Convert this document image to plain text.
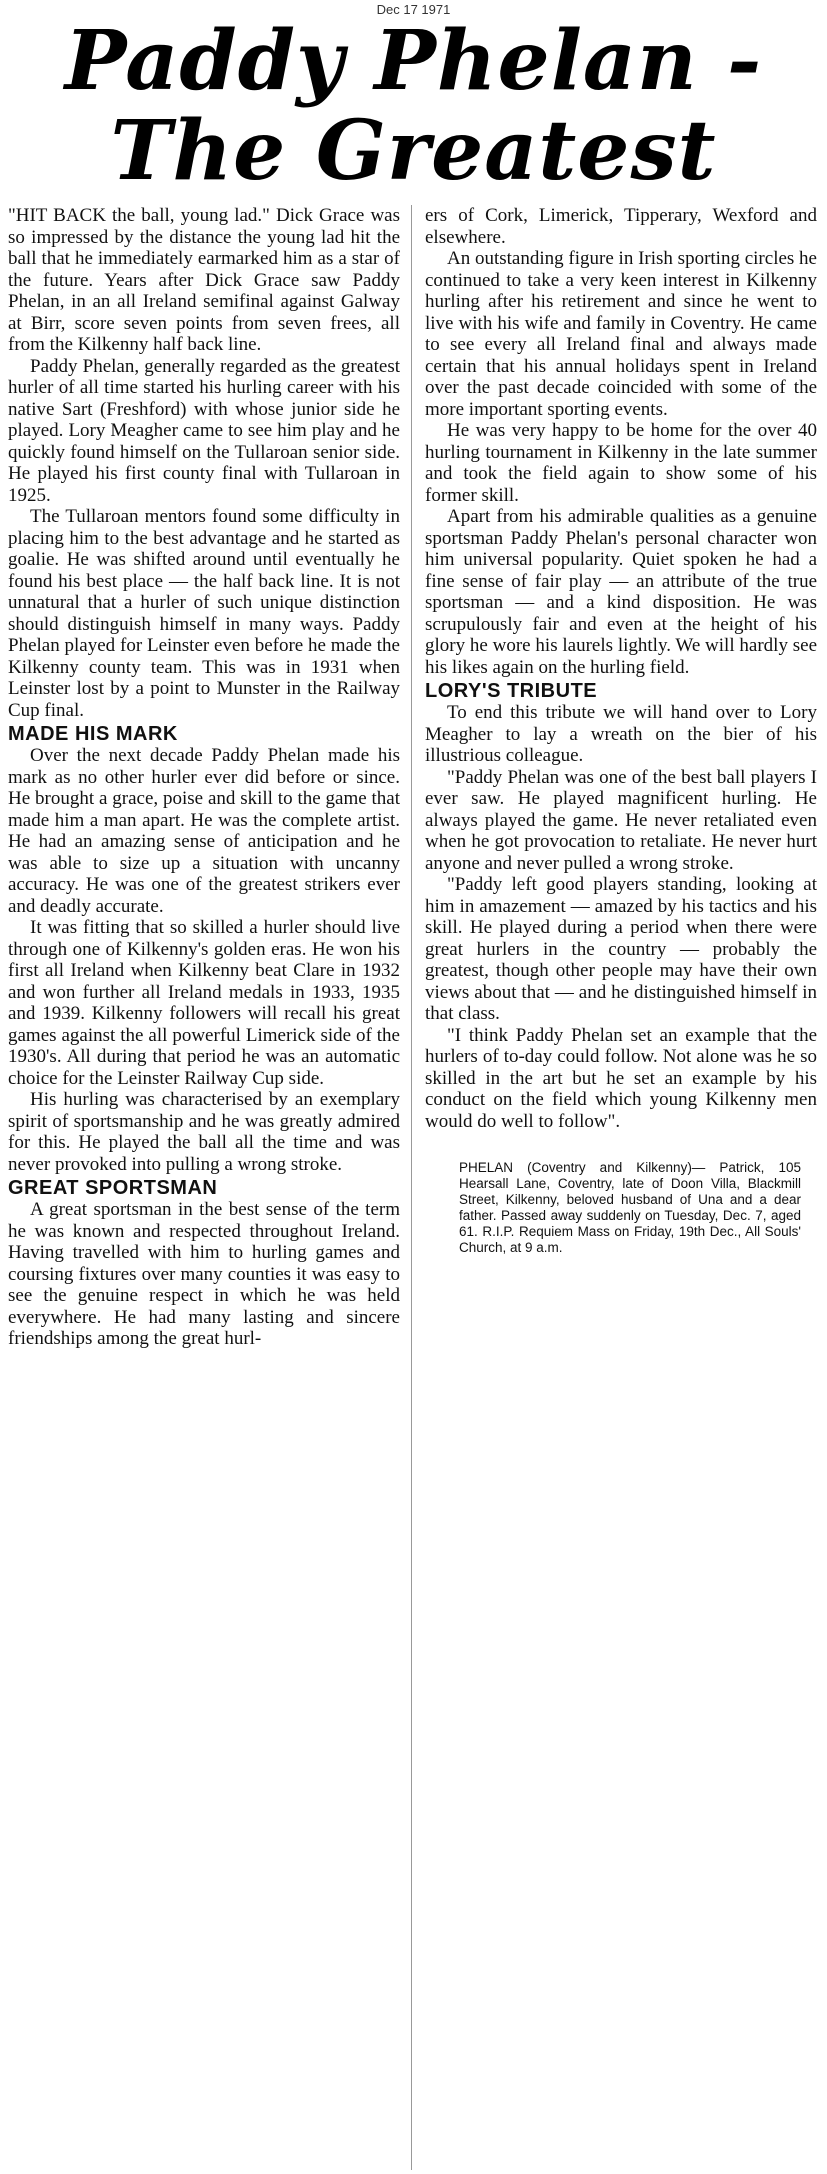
Dec 17 1971
Paddy Phelan -
The Greatest

"HIT BACK the ball, young lad." Dick Grace was so impressed by the distance the young lad hit the ball that he immediately earmarked him as a star of the future. Years after Dick Grace saw Paddy Phelan, in an all Ireland semifinal against Galway at Birr, score seven points from seven frees, all from the Kilkenny half back line.

Paddy Phelan, generally regarded as the greatest hurler of all time started his hurling career with his native Sart (Freshford) with whose junior side he played. Lory Meagher came to see him play and he quickly found himself on the Tullaroan senior side. He played his first county final with Tullaroan in 1925.

The Tullaroan mentors found some difficulty in placing him to the best advantage and he started as goalie. He was shifted around until eventually he found his best place — the half back line. It is not unnatural that a hurler of such unique distinction should distinguish himself in many ways. Paddy Phelan played for Leinster even before he made the Kilkenny county team. This was in 1931 when Leinster lost by a point to Munster in the Railway Cup final.

MADE HIS MARK

Over the next decade Paddy Phelan made his mark as no other hurler ever did before or since. He brought a grace, poise and skill to the game that made him a man apart. He was the complete artist. He had an amazing sense of anticipation and he was able to size up a situation with uncanny accuracy. He was one of the greatest strikers ever and deadly accurate.

It was fitting that so skilled a hurler should live through one of Kilkenny's golden eras. He won his first all Ireland when Kilkenny beat Clare in 1932 and won further all Ireland medals in 1933, 1935 and 1939. Kilkenny followers will recall his great games against the all powerful Limerick side of the 1930's. All during that period he was an automatic choice for the Leinster Railway Cup side.

His hurling was characterised by an exemplary spirit of sportsmanship and he was greatly admired for this. He played the ball all the time and was never provoked into pulling a wrong stroke.

GREAT SPORTSMAN

A great sportsman in the best sense of the term he was known and respected throughout Ireland. Having travelled with him to hurling games and coursing fixtures over many counties it was easy to see the genuine respect in which he was held everywhere. He had many lasting and sincere friendships among the great hurl-

ers of Cork, Limerick, Tipperary, Wexford and elsewhere.

An outstanding figure in Irish sporting circles he continued to take a very keen interest in Kilkenny hurling after his retirement and since he went to live with his wife and family in Coventry. He came to see every all Ireland final and always made certain that his annual holidays spent in Ireland over the past decade coincided with some of the more important sporting events.

He was very happy to be home for the over 40 hurling tournament in Kilkenny in the late summer and took the field again to show some of his former skill.

Apart from his admirable qualities as a genuine sportsman Paddy Phelan's personal character won him universal popularity. Quiet spoken he had a fine sense of fair play — an attribute of the true sportsman — and a kind disposition. He was scrupulously fair and even at the height of his glory he wore his laurels lightly. We will hardly see his likes again on the hurling field.

LORY'S TRIBUTE

To end this tribute we will hand over to Lory Meagher to lay a wreath on the bier of his illustrious colleague.

"Paddy Phelan was one of the best ball players I ever saw. He played magnificent hurling. He always played the game. He never retaliated even when he got provocation to retaliate. He never hurt anyone and never pulled a wrong stroke.

"Paddy left good players standing, looking at him in amazement — amazed by his tactics and his skill. He played during a period when there were great hurlers in the country — probably the greatest, though other people may have their own views about that — and he distinguished himself in that class.

"I think Paddy Phelan set an example that the hurlers of to-day could follow. Not alone was he so skilled in the art but he set an example by his conduct on the field which young Kilkenny men would do well to follow".

PHELAN (Coventry and Kilkenny)— Patrick, 105 Hearsall Lane, Coventry, late of Doon Villa, Blackmill Street, Kilkenny, beloved husband of Una and a dear father. Passed away suddenly on Tuesday, Dec. 7, aged 61. R.I.P. Requiem Mass on Friday, 19th Dec., All Souls' Church, at 9 a.m.
